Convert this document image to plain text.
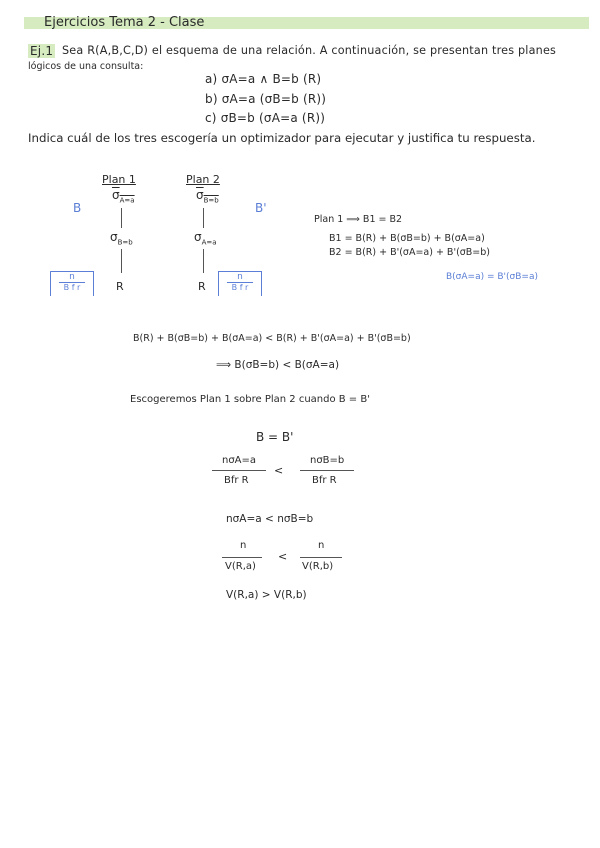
Ejercicios Tema 2 - Clase
Ej.1 Sea R(A,B,C,D) el esquema de una relación. A continuación, se presentan tres planes
lógicos de una consulta:
a) σA=a ∧ B=b (R)
b) σA=a (σB=b (R))
c) σB=b (σA=a (R))
Indica cuál de los tres escogería un optimizador para ejecutar y justifica tu respuesta.
Plan 1	Plan 2
$\sigma_{A=a}$
$\sigma_{B=b}$
R
$\sigma_{B=b}$
$\sigma_{A=a}$
R
B	B'
n
B f r
n
B f r
Plan 1 ⟹ B1 = B2
B1 = B(R) + B(σB=b) + B(σA=a)
B2 = B(R) + B'(σA=a) + B'(σB=b)
B(σA=a) = B'(σB=a)
B(R) + B(σB=b) + B(σA=a) < B(R) + B'(σA=a) + B'(σB=b)
⟹ B(σB=b) < B(σA=a)
Escogeremos Plan 1 sobre Plan 2 cuando B = B'
B = B'
nσA=a
Bfr R
<
nσB=b
Bfr R
nσA=a < nσB=b
n
V(R,a)
<
n
V(R,b)
V(R,a) > V(R,b)
